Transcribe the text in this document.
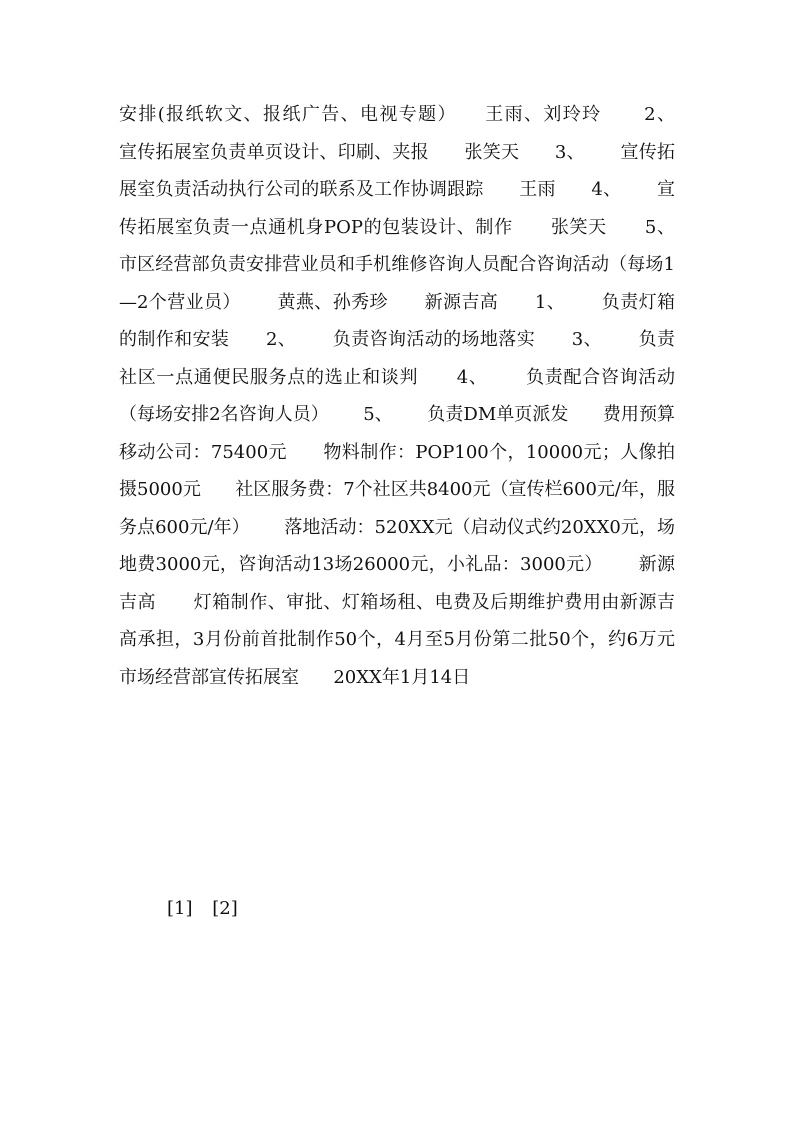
安排(报纸软文、报纸广告、电视专题）    王雨、刘玲玲      2、      宣传拓展室负责单页设计、印刷、夹报      张笑天      3、      宣传拓展室负责活动执行公司的联系及工作协调跟踪      王雨      4、      宣传拓展室负责一点通机身POP的包装设计、制作      张笑天      5、      市区经营部负责安排营业员和手机维修咨询人员配合咨询活动（每场1—2个营业员）      黄燕、孙秀珍      新源吉高      1、      负责灯箱的制作和安装      2、      负责咨询活动的场地落实      3、      负责社区一点通便民服务点的选止和谈判      4、      负责配合咨询活动（每场安排2名咨询人员）      5、      负责DM单页派发      费用预算      移动公司：75400元      物料制作：POP100个，10000元；人像拍摄5000元      社区服务费：7个社区共8400元（宣传栏600元/年，服务点600元/年）      落地活动：520XX元（启动仪式约20XX0元，场地费3000元，咨询活动13场26000元，小礼品：3000元）      新源吉高      灯箱制作、审批、灯箱场租、电费及后期维护费用由新源吉高承担，3月份前首批制作50个，4月至5月份第二批50个，约6万元      市场经营部宣传拓展室      20XX年1月14日

[1] [2]
